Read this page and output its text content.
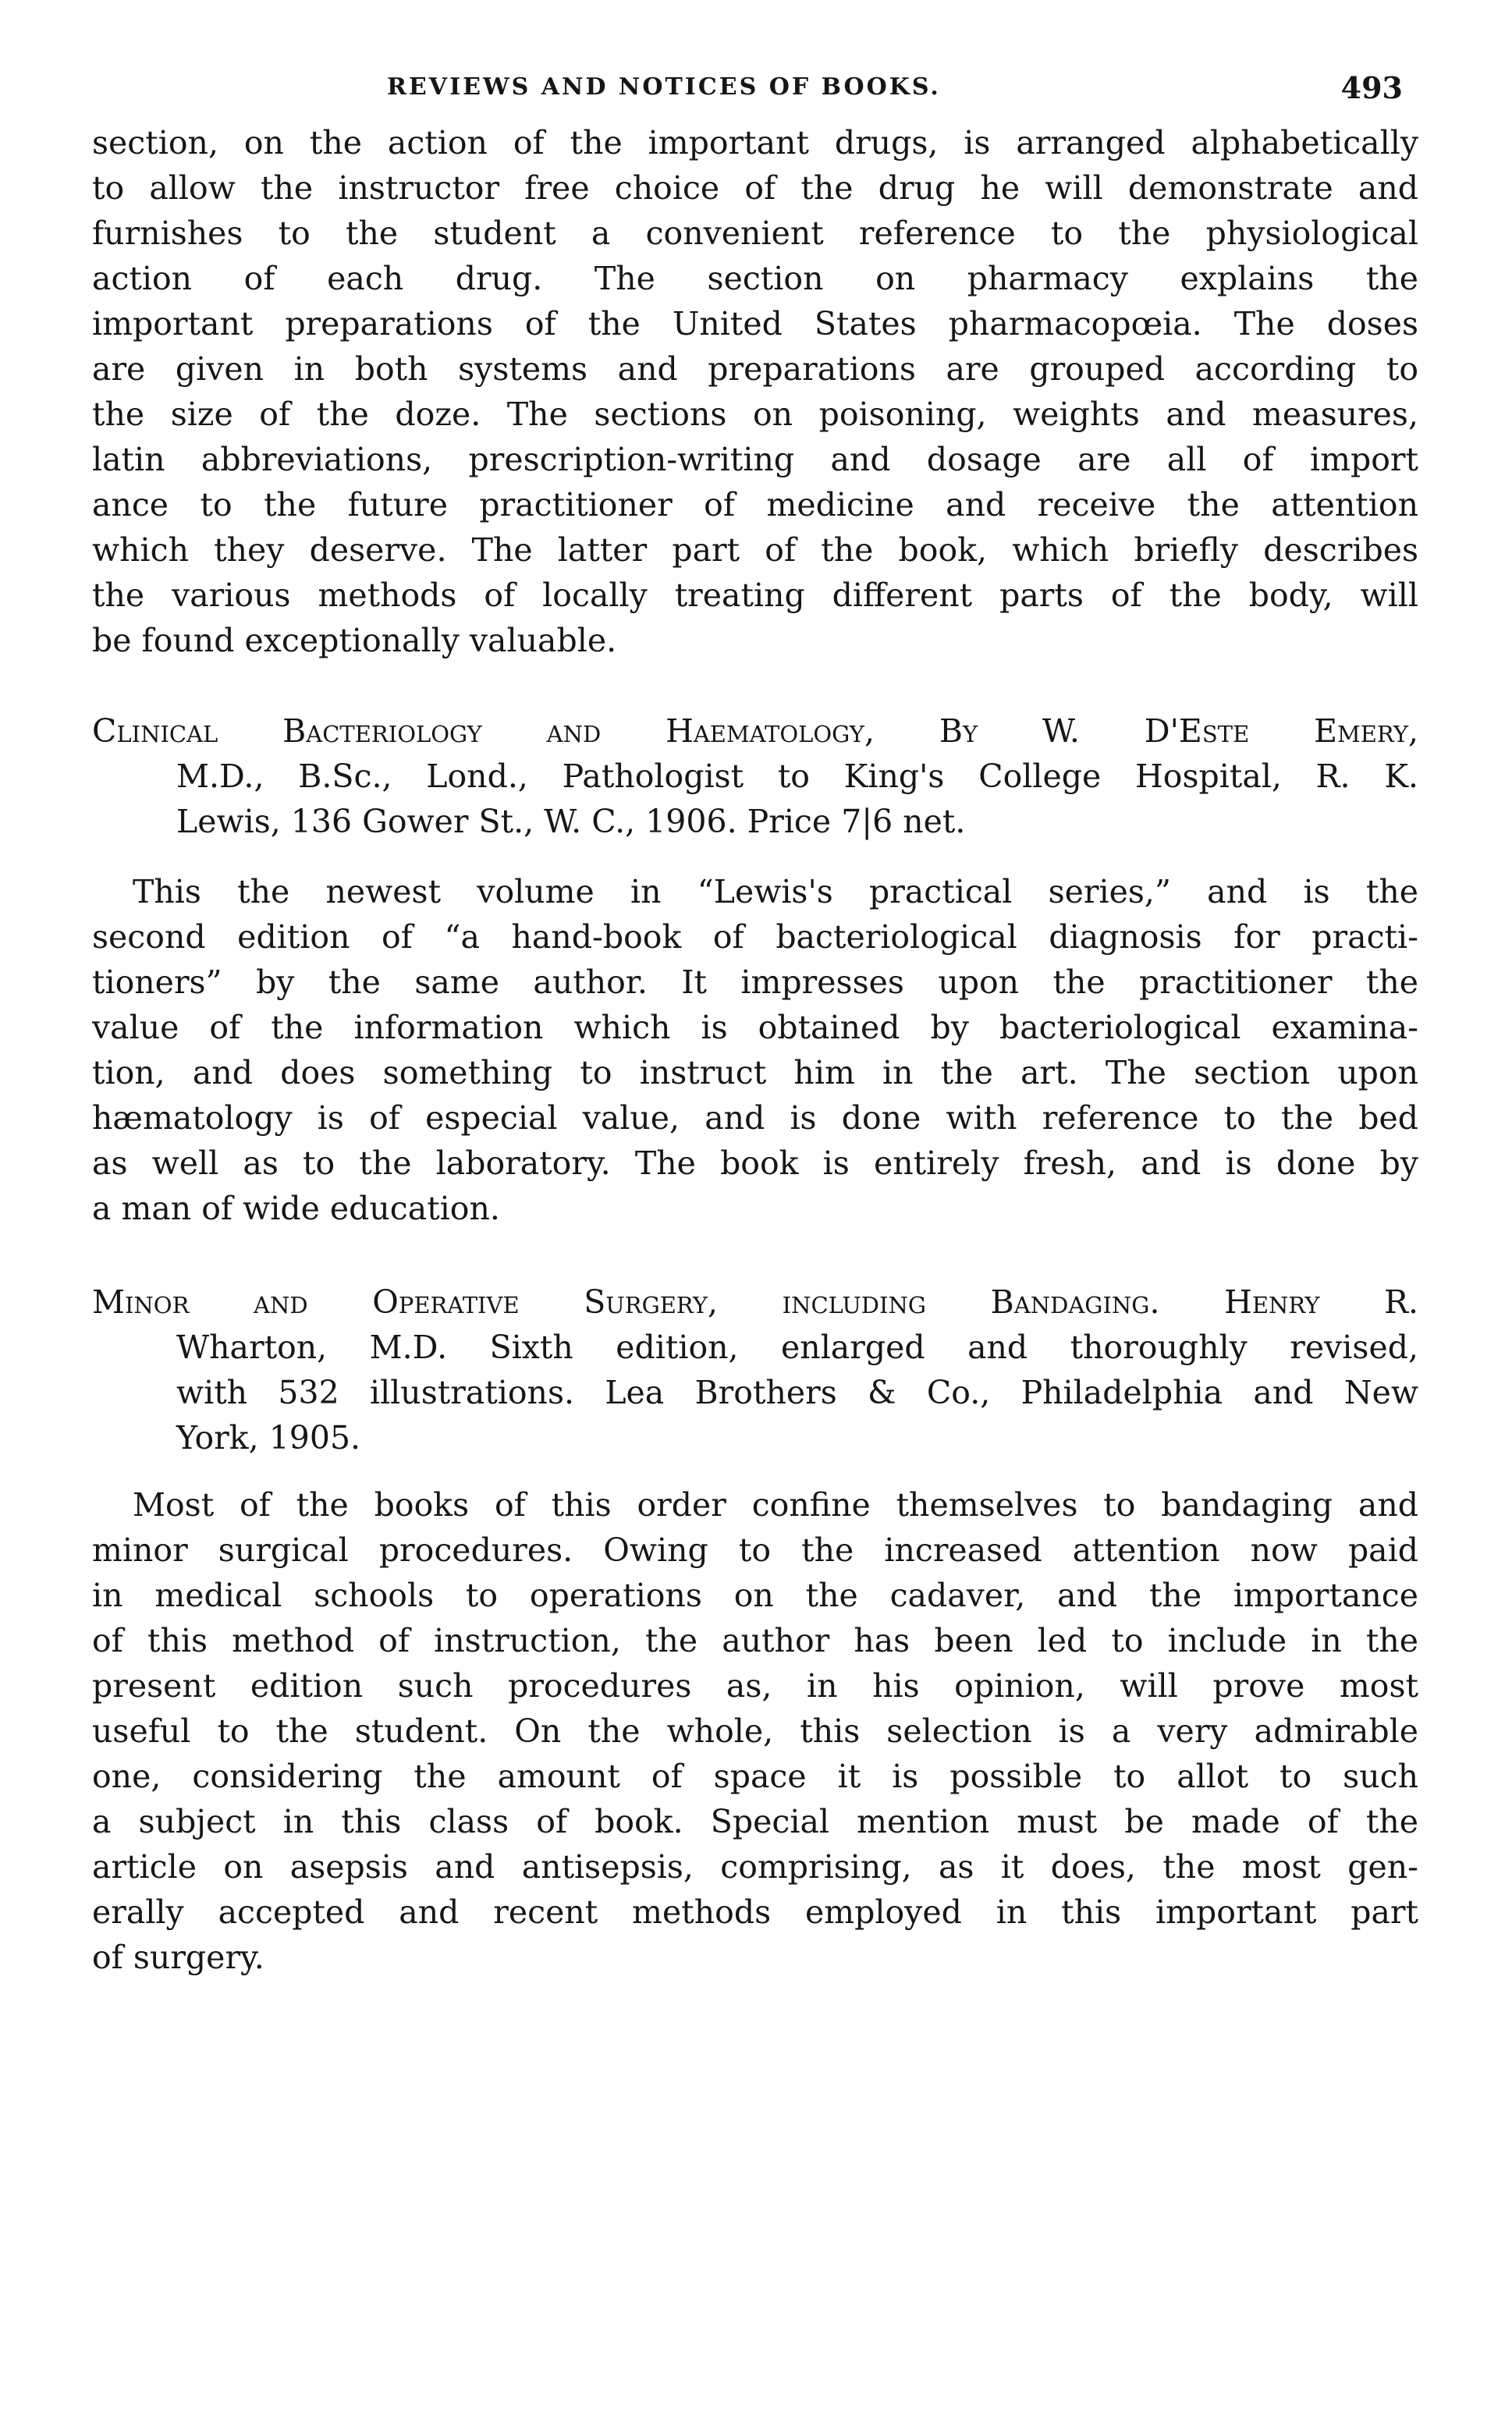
REVIEWS AND NOTICES OF BOOKS.	493

section, on the action of the important drugs, is arranged alphabetically
to allow the instructor free choice of the drug he will demonstrate and
furnishes to the student a convenient reference to the physiological
action of each drug. The section on pharmacy explains the
important preparations of the United States pharmacopœia. The doses
are given in both systems and preparations are grouped according to
the size of the doze. The sections on poisoning, weights and measures,
latin abbreviations, prescription-writing and dosage are all of import
ance to the future practitioner of medicine and receive the attention
which they deserve. The latter part of the book, which briefly describes
the various methods of locally treating different parts of the body, will
be found exceptionally valuable.

Clinical Bacteriology and Haematology, By W. D'Este Emery,
M.D., B.Sc., Lond., Pathologist to King's College Hospital, R. K.
Lewis, 136 Gower St., W. C., 1906. Price 7|6 net.

This the newest volume in “Lewis's practical series,” and is the
second edition of “a hand-book of bacteriological diagnosis for practi-
tioners” by the same author. It impresses upon the practitioner the
value of the information which is obtained by bacteriological examina-
tion, and does something to instruct him in the art. The section upon
hæmatology is of especial value, and is done with reference to the bed
as well as to the laboratory. The book is entirely fresh, and is done by
a man of wide education.

Minor and Operative Surgery, including Bandaging. Henry R.
Wharton, M.D. Sixth edition, enlarged and thoroughly revised,
with 532 illustrations. Lea Brothers & Co., Philadelphia and New
York, 1905.

Most of the books of this order confine themselves to bandaging and
minor surgical procedures. Owing to the increased attention now paid
in medical schools to operations on the cadaver, and the importance
of this method of instruction, the author has been led to include in the
present edition such procedures as, in his opinion, will prove most
useful to the student. On the whole, this selection is a very admirable
one, considering the amount of space it is possible to allot to such
a subject in this class of book. Special mention must be made of the
article on asepsis and antisepsis, comprising, as it does, the most gen-
erally accepted and recent methods employed in this important part
of surgery.
